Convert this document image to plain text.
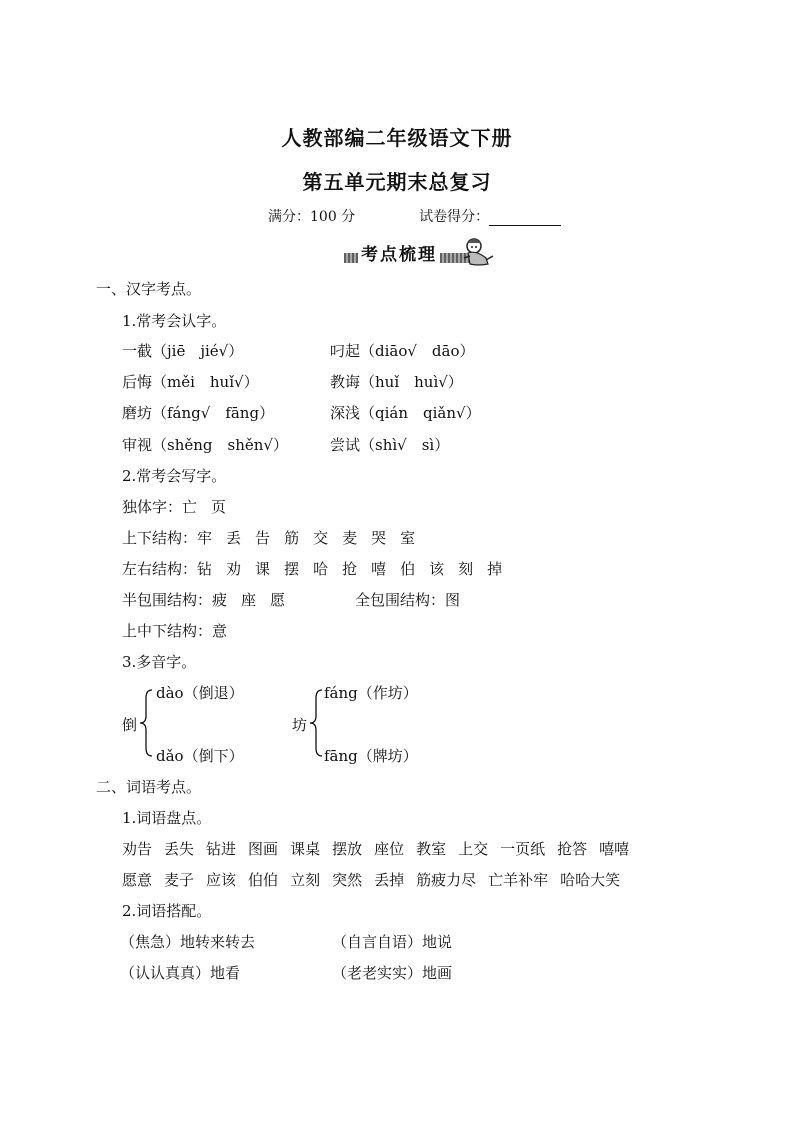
人教部编二年级语文下册
第五单元期末总复习
满分：100 分	试卷得分：
考点梳理
一、汉字考点。
1.常考会认字。
一截（jiē　jié√）	叼起（diāo√　dāo）
后悔（měi　huǐ√）	教诲（huǐ　huì√）
磨坊（fáng√　fāng）	深浅（qián　qiǎn√）
审视（shěng　shěn√）	尝试（shì√　sì）
2.常考会写字。
独体字：亡 页
上下结构：牢 丢 告 筋 交 麦 哭 室
左右结构：钻 劝 课 摆 哈 抢 嘻 伯 该 刻 掉
半包围结构：疲 座 愿	全包围结构：图
上中下结构：意
3.多音字。
倒
dào（倒退）
dǎo（倒下）
坊
fáng（作坊）
fāng（牌坊）
二、词语考点。
1.词语盘点。
劝告 丢失 钻进 图画 课桌 摆放 座位 教室 上交 一页纸 抢答 嘻嘻
愿意 麦子 应该 伯伯 立刻 突然 丢掉 筋疲力尽 亡羊补牢 哈哈大笑
2.词语搭配。
（焦急）地转来转去	（自言自语）地说
（认认真真）地看	（老老实实）地画
